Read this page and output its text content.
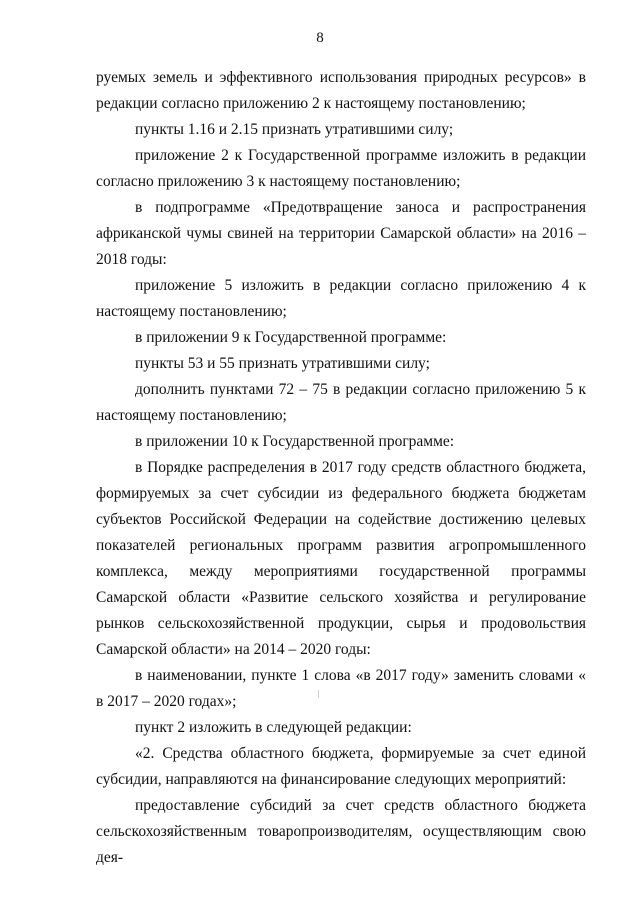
8

руемых земель и эффективного использования природных ресурсов» в редакции согласно приложению 2 к настоящему постановлению;

пункты 1.16 и 2.15 признать утратившими силу;

приложение 2 к Государственной программе изложить в редакции согласно приложению 3 к настоящему постановлению;

в подпрограмме «Предотвращение заноса и распространения африканской чумы свиней на территории Самарской области» на 2016 – 2018 годы:

приложение 5 изложить в редакции согласно приложению 4 к настоящему постановлению;

в приложении 9 к Государственной программе:

пункты 53 и 55 признать утратившими силу;

дополнить пунктами 72 – 75 в редакции согласно приложению 5 к настоящему постановлению;

в приложении 10 к Государственной программе:

в Порядке распределения в 2017 году средств областного бюджета, формируемых за счет субсидии из федерального бюджета бюджетам субъектов Российской Федерации на содействие достижению целевых показателей региональных программ развития агропромышленного комплекса, между мероприятиями государственной программы Самарской области «Развитие сельского хозяйства и регулирование рынков сельскохозяйственной продукции, сырья и продовольствия Самарской области» на 2014 – 2020 годы:

в наименовании, пункте 1 слова «в 2017 году» заменить словами « в 2017 – 2020 годах»;

пункт 2 изложить в следующей редакции:

«2. Средства областного бюджета, формируемые за счет единой субсидии, направляются на финансирование следующих мероприятий:

предоставление субсидий за счет средств областного бюджета сельскохозяйственным товаропроизводителям, осуществляющим свою дея-
